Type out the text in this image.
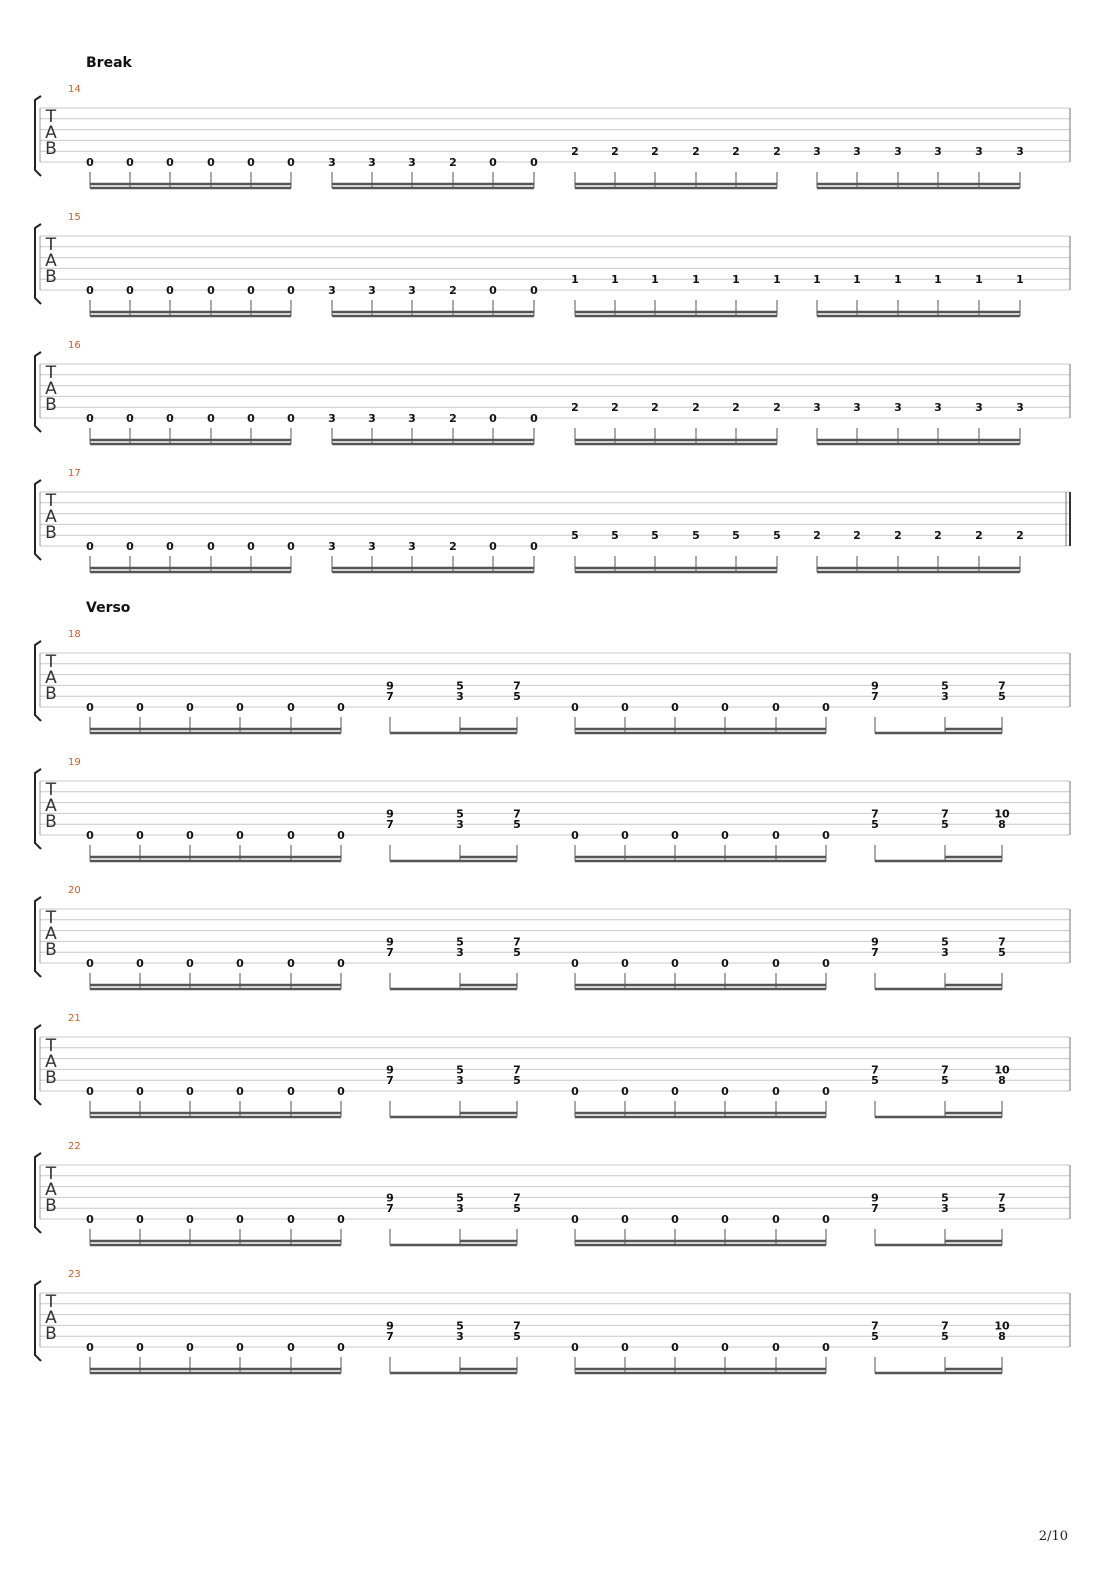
Break
14
T
A
B
0	0	0	0	0	0	3	3	3	2	0	0
2	2	2	2	2	2	3	3	3	3	3	3
15
T
A
B
0	0	0	0	0	0	3	3	3	2	0	0
1	1	1	1	1	1	1	1	1	1	1	1
16
T
A
B
0	0	0	0	0	0	3	3	3	2	0	0
2	2	2	2	2	2	3	3	3	3	3	3
17
T
A
B
0	0	0	0	0	0	3	3	3	2	0	0
5	5	5	5	5	5	2	2	2	2	2	2
Verso
18
T
A
B
0	0	0	0	0	0	0	0	0	0	0	0
9
7
5
3
7
5
9
7
5
3
7
5
19
T
A
B
0	0	0	0	0	0	0	0	0	0	0	0
9
7
5
3
7
5
7
5
7
5
10
8
20
T
A
B
0	0	0	0	0	0	0	0	0	0	0	0
9
7
5
3
7
5
9
7
5
3
7
5
21
T
A
B
0	0	0	0	0	0	0	0	0	0	0	0
9
7
5
3
7
5
7
5
7
5
10
8
22
T
A
B
0	0	0	0	0	0	0	0	0	0	0	0
9
7
5
3
7
5
9
7
5
3
7
5
23
T
A
B
0	0	0	0	0	0	0	0	0	0	0	0
9
7
5
3
7
5
7
5
7
5
10
8
2/10
